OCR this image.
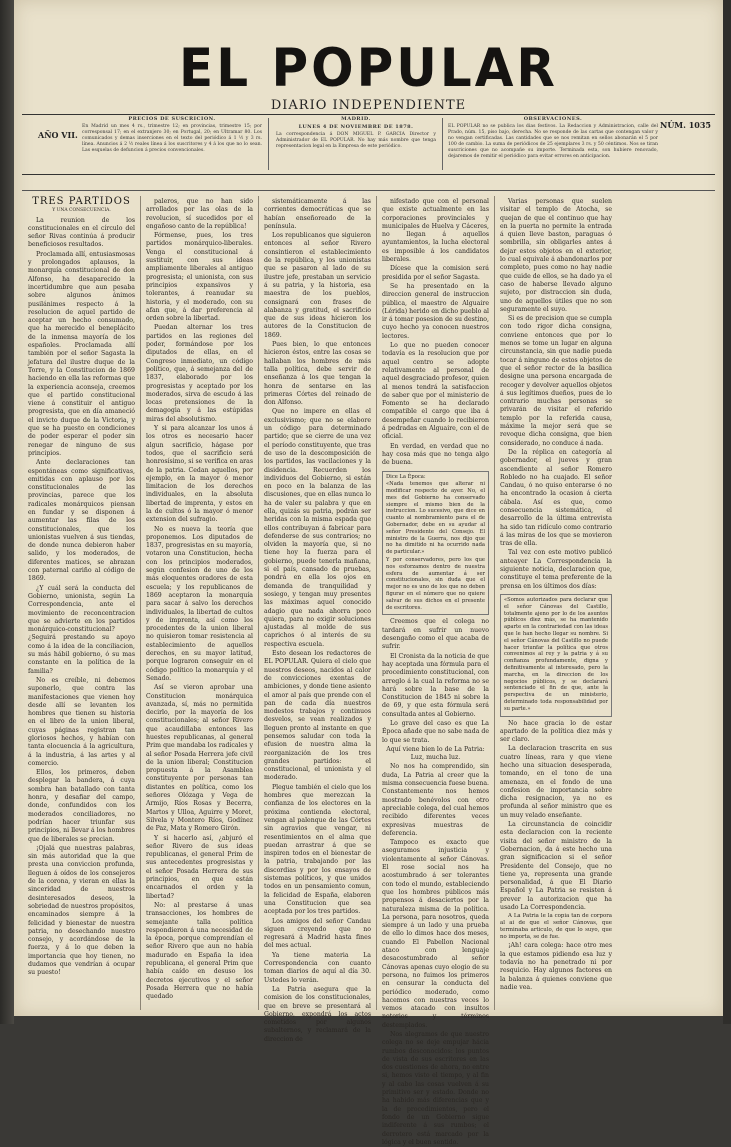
EL POPULAR
DIARIO INDEPENDIENTE
AÑO VII.
PRECIOS DE SUSCRICION.

En Madrid un mes 4 rs., trimestre 12; en provincias, trimestre 15; por corresponsal 17; en el extranjero 30; en Portugal, 20; en Ultramar 80. Los comunicados y demas inserciones en el texto del periódico á 1 ½ y 3 rs. línea. Anuncios á 2 ½ reales línea á los suscritores y 4 á los que no lo sean. Las esquelas de defuncion á precios convencionales.

MADRID.
LUNES 4 DE NOVIEMBRE DE 1878.

La correspondencia á DON MIGUEL P. GARCIA Director y Administrador de EL POPULAR. No hay más nombre que tenga representacion legal en la Empresa de este periódico.

OBSERVACIONES.

EL POPULAR no se publica los dias festivos. La Redaccion y Administracion, calle del Prado, núm. 15, piso bajo, derecha. No se responde de las cartas que contengan valor y no vengan certificadas. Las cantidades que se nos remitan en sellos abonarán el 5 por 100 de cambio. La suma de periódicos de 25 ejemplares 3 rs. y 50 céntimos. Nos se tiran suscriciones que no acompañe su importe. Terminada esta, son hubiere renovado, dejaremos de remitir el periódico para evitar errores en anticipacion.

NÚM. 1035

TRES PARTIDOS

Y UNA CONSECUENCIA.

La reunion de los constitucionales en el círculo del señor Rivas continúa á producir beneficiosos resultados.

Proclamada allí, entusiasmosas y prolongados aplausos, la monarquía constitucional de don Alfonso, ha desaparecido la incertidumbre que aun pesaba sobre algunos ánimos pusilánimes respecto á la resolucion de aquel partido de aceptar un hecho consumado, que ha merecido el beneplácito de la inmensa mayoría de los españoles. Proclamada allí también por el señor Sagasta la jefatura del ilustre duque de la Torre, y la Constitucion de 1869 haciendo en ella las reformas que la experiencia aconseja, creemos que el partido constitucional viene á constituir el antiguo progresista, que en día amaneció el invicto duque de la Victoria, y que se ha puesto en condiciones de poder esperar el poder sin renegar de ninguno de sus principios.

Ante declaraciones tan espontáneas como significativas, emitidas con aplauso por los constitucionales de las provincias, parece que los radicales monárquicos piensan en fundar y se disponen á aumentar las filas de los constitucionales, que los unionistas vuelven á sus tiendas, de donde nunca debieron haber salido, y los moderados, de diferentes matices, se abrazan con paternal cariño al código de 1869.

¿Y cuál será la conducta del Gobierno, unionista, según La Correspondencia, ante el movimiento de reconcentracion que se advierte en los partidos monárquico-constitucional? ¿Seguirá prestando su apoyo como á la idea de la conciliacion, su más hábil gobierno, ó su mas constante en la política de la familia?

No es creíble, ni debemos suponerlo, que contra las manifestaciones que vienen hoy desde allí se levanten los hombres que tienen su historia en el libro de la union liberal, cuyas páginas registran tan gloriosos hechos, y habían con tanta elocuencia á la agricultura, á la industria, á las artes y al comercio.

Ellos, los primeros, deben desplegar la bandera, á cuya sombra han batallado con tanta honra, y desafiar del campo, donde, confundidos con los moderados conciliadores, no podrían hacer triunfar sus principios, ni llevar á los hombres que de liberales se precian.

¡Ojalá que nuestras palabras, sin más autoridad que la que presta una conviccion profunda, lleguen á oídos de los consejeros de la corona, y vieran en ellas la sinceridad de nuestros desinteresados deseos, la sobriedad de nuestros propósitos, encaminados siempre á la felicidad y bienestar de nuestra patria, no desechando nuestro consejo, y acordándose de la fuerza, y á lo que deben la importancia que hoy tienen, no dudamos que vendrían á ocupar su puesto!

paleros, que no han sido arrollados por las olas de la revolucion, sí sucedidos por el engañoso canto de la república!

Fórmense, pues, los tres partidos monárquico-liberales. Venga el constitucional á sustituir, con sus ideas ampliamente liberales al antiguo progresista; el unionista, con sus principios expansivos y tolerantes, á reanudar su historia, y el moderado, con su afan que, á dar preferencia al orden sobre la libertad.

Puedan alternar los tres partidos en las regiones del poder, formándose por los diputados de ellas, en el Congreso inmediato, un código político, que, á semejanza del de 1837, elaborado por los progresistas y aceptado por los moderados, sirva de escudo á las locas pretensiones de la demagogia y á las estúpidas miras del absolutismo.

Y si para alcanzar los unos á los otros es necesario hacer algun sacrificio, hágase por todos, que el sacrificio será honrosísimo, si se verifica en aras de la patria. Cedan aquellos, por ejemplo, en la mayor ó menor limitacion de los derechos individuales, en la absoluta libertad de imprenta, y estos en la de cultos ó la mayor ó menor extension del sufragio.

No es nueva la teoría que proponemos. Los diputados de 1837, progresistas en su mayoría, votaron una Constitucion, hecha con los principios moderados, según confesion de uno de los más eloquentes oradores de esta escuela; y los republicanos de 1869 aceptaron la monarquía para sacar á salvo los derechos individuales, la libertad de cultos y de imprenta, así como los procedentes de la union liberal no quisieron tomar resistencia al establecimiento de aquellos derechos, en su mayor latitud, porque lograron conseguir en el código político la monarquía y el Senado.

Así se vieron aprobar una Constitucion monárquica avanzada, sí, más no permitida decirlo, por la mayoría de los constitucionales; al señor Rivero que acaudillaba entonces las huestes republicanas, al general Prim que mandaba los radicales y al señor Posada Herrera jefe civil de la union liberal; Constitucion propuesta á la Asamblea constituyente por personas tan distantes en política, como los señores Olózaga y Vega de Armijo, Ríos Rosas y Becerra, Martos y Ulloa, Aguirre y Moret, Silvela y Montero Ríos, Godínez de Paz, Mata y Romero Girón.

Y si hacerlo así, ¿abjuró el señor Rivero de sus ideas republicanas, el general Prim de sus antecedentes progresistas y el señor Posada Herrera de sus principios, en que están encarnados el orden y la libertad?

No: al prestarse á unas transacciones, los hombres de semejante talla política respondieron á una necesidad de la época, porque comprendían el señor Rivero que aun no había madurado en España la idea republicana, el general Prim que había caído en desuso los decretos ejecutivos y el señor Posada Herrera que no había quedado

sistemáticamente á las corrientes democráticas que se habían enseñoreado de la península.

Los republicanos que siguieron entonces al señor Rivero consintieron el establecimiento de la república, y los unionistas que se pasaron al lado de su ilustre jefe, prestaban un servicio á su patria, y la historia, esa maestra de los pueblos, consignará con frases de alabanza y gratitud, el sacrificio que de sus ideas hicieron los autores de la Constitucion de 1869.

Pues bien, lo que entonces hicieron éstos, entre las cosas se hallaban los hombres de más talla política, debe servir de enseñanza á los que tengan la honra de sentarse en las primeras Córtes del reinado de don Alfonso.

Que no impere en ellas el exclusivismo; que no se elabore un código para determinado partido; que se cierre de una vez el período constituyente, que tras de uso de la descomposición de los partidos, las vacilaciones y la disidencia. Recuerden los individuos del Gobierno, si están en poco en la balanza de las discusiones, que en ellas nunca lo ha de valer su palabra y que en ella, quizás su patria, podrán ser heridas con la misma espada que ellos contribuyan á fabricar para defenderse de sus contrarios; no olviden la mayoría que, si no tiene hoy la fuerza para el gobierno, puede tenerla mañana, si el país, cansado de pruebas, pondrá en ella los ojos en demanda de tranquilidad y sosiego, y tengan muy presentes las máximas aquel conocido adagio que nada ahorra poco quiera, para no exigir soluciones ajustadas al molde de sus caprichos ó al interés de su respectiva escuela.

Esto desean los redactores de EL POPULAR. Quiera el cielo que nuestros deseos, nacidos al calor de convicciones exentas de ambiciones, y donde tiene asiento el amor al país que prende con el pan de cada día nuestros modestos trabajos y continuos desvelos, se vean realizados y lleguen pronto al instante en que pensemos saludar con toda la efusion de nuestra alma la reorganización de los tres grandes partidos: el constitucional, el unionista y el moderado.

Plegue también el cielo que los hombres que merezcan la confianza de los electores en la próxima contienda electoral, vengan al palenque de las Córtes sin agravios que vengar, ni resentimientos en el alma que puedan arrastrar á que se inspiren todos en el bienestar de la patria, trabajando por las discordias y por los ensayos de sistemas políticos, y que unidos todos en un pensamiento comun, la felicidad de España, elaboren una Constitucion que sea aceptada por los tres partidos.

Los amigos del señor Candau siguen creyendo que no regresará á Madrid hasta fines del mes actual.

Ya tiene materia La Correspondencia con cuanto toman diarios de aquí al día 30. Ustedes lo verán.

La Patria asegura que la comision de los constitucionales, que en breve se presentará al Gobierno, expondrá los actos cometidos por algunos subalternos, y reclamará de la direccion de

nifestado que con el personal que existe actualmente en las corporaciones provinciales y municipales de Huelva y Cáceres, no llegan á aquellos ayuntamientos, la lucha electoral es imposible á los candidatos liberales.

Dícese que la comision será presidida por el señor Sagasta.

Se ha presentado en la direccion general de instruccion pública, el maestro de Alguaire (Lérida) herido en dicho pueblo al ir á tomar posesion de su destino, cuyo hecho ya conocen nuestros lectores.

Lo que no pueden conocer todavía es la resolucion que por aquel centro se adopte relativamente al personal de aquel desgraciado profesor, quien al menos tendrá la satisfaccion de saber que por el ministerio de Fomento se ha declarado compatible el cargo que iba á desempeñar cuando lo recibieron á pedradas en Alguaire, con el de oficial.

En verdad, en verdad que no hay cosa más que no tenga algo de buena.

Dice La Época:

«Nada tenemos que alterar ni modificar respecto de ayer. No, el mes del Gobierno ha conservado siempre el mismo bien de la instruccion. Lo sucesivo, que dice en cuanto al nombramiento para el de Gobernador, debe en su ayudar al señor Presidente del Consejo. El ministro de la Guerra, nos dijo que no ha dimitido ni ha ocurrido nada de particular.»

Y por conservadores, pero los que nos esforzamos dentro de nuestra esfera de aumentar á ser constitucionales, sin duda que el mejor no es uno de los que no deben figurar en el número que no quiere salvar de sus dichos en el presente de escritores.

Creemos que el colega no tardará en sufrir un nuevo desengaño como el que acaba de sufrir.

El Cronista da la noticia de que hay aceptada una fórmula para el procedimiento constitucional, con arreglo á la cual la reforma no se hará sobre la base de la Constitucion de 1845 ni sobre la de 69, y que esta fórmula será consultada antes al Gobierno.

Lo grave del caso es que La Época añade que no sabe nada de lo que se trata.

Aquí viene bien lo de La Patria: Luz, mucha luz.

No nos ha comprendido, sin duda, La Patria al creer que la misma consecuencia fuese buena. Constantemente nos hemos mostrado benévolos con otro apreciable colega, del cual hemos recibido diferentes veces expresivas muestras de deferencia.

Tampoco es exacto que aseguramos injusticia y violentamente al señor Cánovas. El rose social nos ha acostumbrado á ser tolerantes con todo el mundo, estableciendo que los hombres públicos más propensos á desaciertos por la naturaleza misma de la política. La persona, para nosotros, queda siempre á un lado y una prueba de ello lo dimos hace dos meses, cuando El Pabellon Nacional ataco con lenguaje desacostumbrado al señor Cánovas apenas cuyo elogio de su persona, no fuimos los primeros en censurar la conducta del periódico moderado, como hacemos con nuestras veces lo vemos atacado con insultos notorios y términos destemplados.

Nos alegramos de que nuestro colega no se deje empujar hácia rumbos desconocidos: los puntos de vista de sus escritores en las dos cuestiones de ahora, no entre si, hemos visto el tiempo, y al fin y al cabo las cosas vuelven á su primitivo ser y estado. Donde no ha habido más diferencias que y la de procedimientos, pero el fondo de un Gobierno sigue indiferente á sus rumbos; el derrotero está marcado por la lógica y el buen sentido.

Varias personas que suelen visitar el templo de Atocha, se quejan de que el continuo que hay en la puerta no permite la entrada á quien lleve baston, paraguas ó sombrilla, sin obligarles antes á dejar estos objetos en el exterior, lo cual equivale á abandonarlos por completo, pues como no hay nadie que cuide de ellos, se ha dado ya el caso de haberse llevado alguno sujeto, por distraccion sin duda, uno de aquellos útiles que no son seguramente el suyo.

Si es de precision que se cumpla con todo rigor dicha consigna, conviene entonces que por lo menos se tome un lugar en alguna circunstancia, sin que nadie pueda tocar á ninguno de estos objetos de que el señor rector de la basílica designe una persona encargada de recoger y devolver aquellos objetos á sus legítimos dueños, pues de lo contrario muchas personas se privarán de visitar el referido templo por la referida causa, máxime la mejor será que se revoque dicha consigna, que bien considerado, no conduce á nada.

De la réplica en categoría al gobernador, el jueves y gran ascendiente al señor Romero Robledo no ha cuajado. El señor Candau, ó no quiso enterarse ó no ha encontrado la ocasion á cierta cábala. Así es que, como consecuencia sistemática, el desarrollo de la última entrevista ha sido tan ridículo como contrario á las miras de los que se movieron tras de ella.

Tal vez con este motivo publicó anteayer La Correspondencia la siguiente noticia, declaracion que, constituye el tema preferente de la prensa en los últimos dos días:

«Somos autorizados para declarar que el señor Cánovas del Castillo, totalmente ajeno por lo de los asuntos públicos diez más, se ha mantenido aparte en la contrariedad con las ideas que le han hecho llegar su nombre. Si el señor Cánovas del Castillo no puede hacer triunfar la política que otros convenimos al rey y la patria y á su confianza profundamente, digna y definitivamente al interesado, pero la marcha, en la direccion de los negocios públicos, y se declarará sentenciado el fin de que, ante la perspectiva de un ministerio, determinado toda responsabilidad por su parte.»

No hace gracia lo de estar apartado de la política diez más y ser claro.

La declaracion trascrita en sus cuatro líneas, rara y que viene hecho una situacion desesperada, tomando, en el tono de una amenaza, en el fondo de una confesion de importancia sobre dicha resignacion, ya no es profunda al señor ministro que es un muy velado enseñante.

La circunstancia de coincidir esta declaracion con la reciente visita del señor ministro de la Gobernacion, da á este hecho una gran significacion si el señor Presidente del Consejo, que no tiene ya, representa una grande personalidad, á que El Diario Español y La Patria se resisten á prever la autorizacion que ha usado La Correspondencia.

A La Patria le la copia tan de corpora al ai de que el señor Cánovas, que terminaba articulo, de que lo suyo, que no importa, se de fue.

¡Ah! cara colega: hace otro mes la que estamos pidiendo esa luz y todavía no ha penetrado ni por resquicio. Hay algunos factores en la balanza á quienes conviene que nadie vea.
